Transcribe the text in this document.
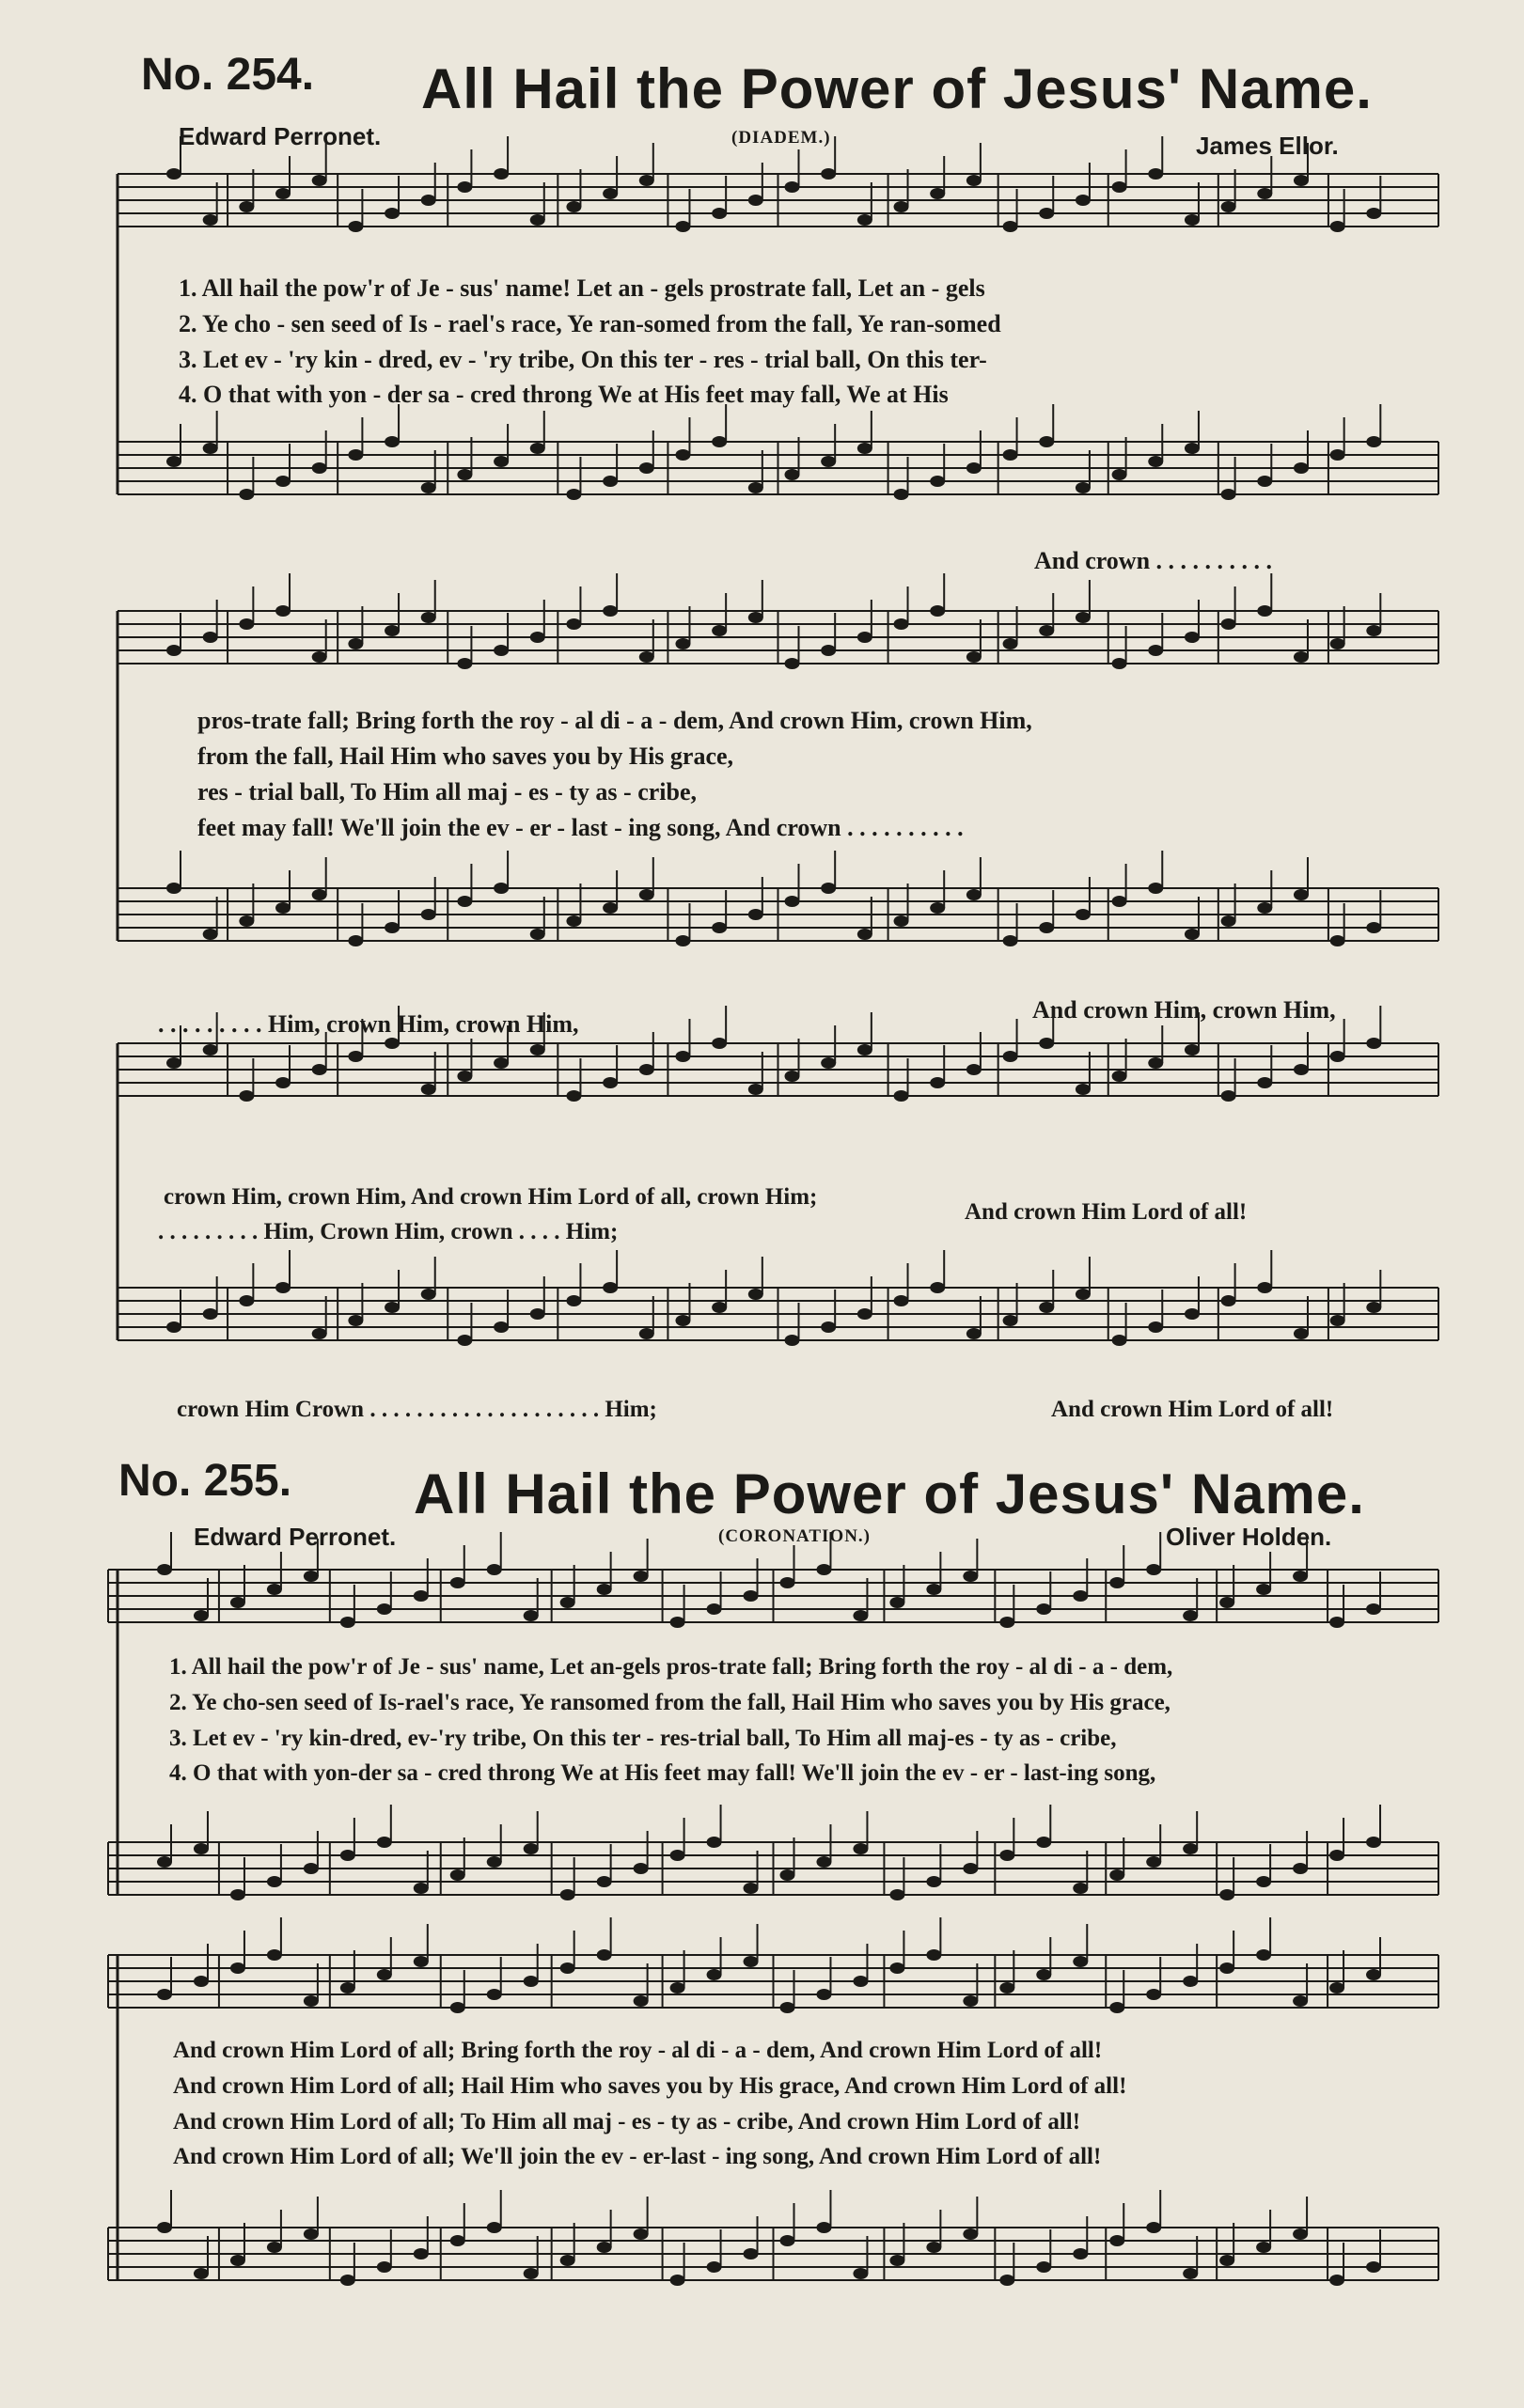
No. 254. All Hail the Power of Jesus' Name.
Edward Perronet.	(DIADEM.)	James Ellor.
1. All hail the pow'r of Je - sus' name! Let an - gels prostrate fall, Let an - gels
2. Ye cho - sen seed of Is - rael's race, Ye ran-somed from the fall, Ye ran-somed
3. Let ev - 'ry kin - dred, ev - 'ry tribe, On this ter - res - trial ball, On this ter-
4. O that with yon - der sa - cred throng We at His feet may fall, We at His
And crown . . . . . . . . . .
pros-trate fall; Bring forth the roy - al di - a - dem, And crown Him, crown Him,
from the fall, Hail Him who saves you by His grace,
res - trial ball, To Him all maj - es - ty as - cribe,
feet may fall! We'll join the ev - er - last - ing song, And crown . . . . . . . . . .
. . . . . . . . . Him, crown Him, crown Him,
And crown Him, crown Him,
crown Him, crown Him, And crown Him Lord of all, crown Him;
. . . . . . . . . Him, Crown Him, crown . . . . Him;
And crown Him Lord of all!
crown Him Crown . . . . . . . . . . . . . . . . . . . . Him;	And crown Him Lord of all!
No. 255. All Hail the Power of Jesus' Name.
Edward Perronet.	(CORONATION.)	Oliver Holden.
1. All hail the pow'r of Je - sus' name, Let an-gels pros-trate fall; Bring forth the roy - al di - a - dem,
2. Ye cho-sen seed of Is-rael's race, Ye ransomed from the fall, Hail Him who saves you by His grace,
3. Let ev - 'ry kin-dred, ev-'ry tribe, On this ter - res-trial ball, To Him all maj-es - ty as - cribe,
4. O that with yon-der sa - cred throng We at His feet may fall! We'll join the ev - er - last-ing song,
And crown Him Lord of all; Bring forth the roy - al di - a - dem, And crown Him Lord of all!
And crown Him Lord of all; Hail Him who saves you by His grace, And crown Him Lord of all!
And crown Him Lord of all; To Him all maj - es - ty as - cribe, And crown Him Lord of all!
And crown Him Lord of all; We'll join the ev - er-last - ing song, And crown Him Lord of all!
